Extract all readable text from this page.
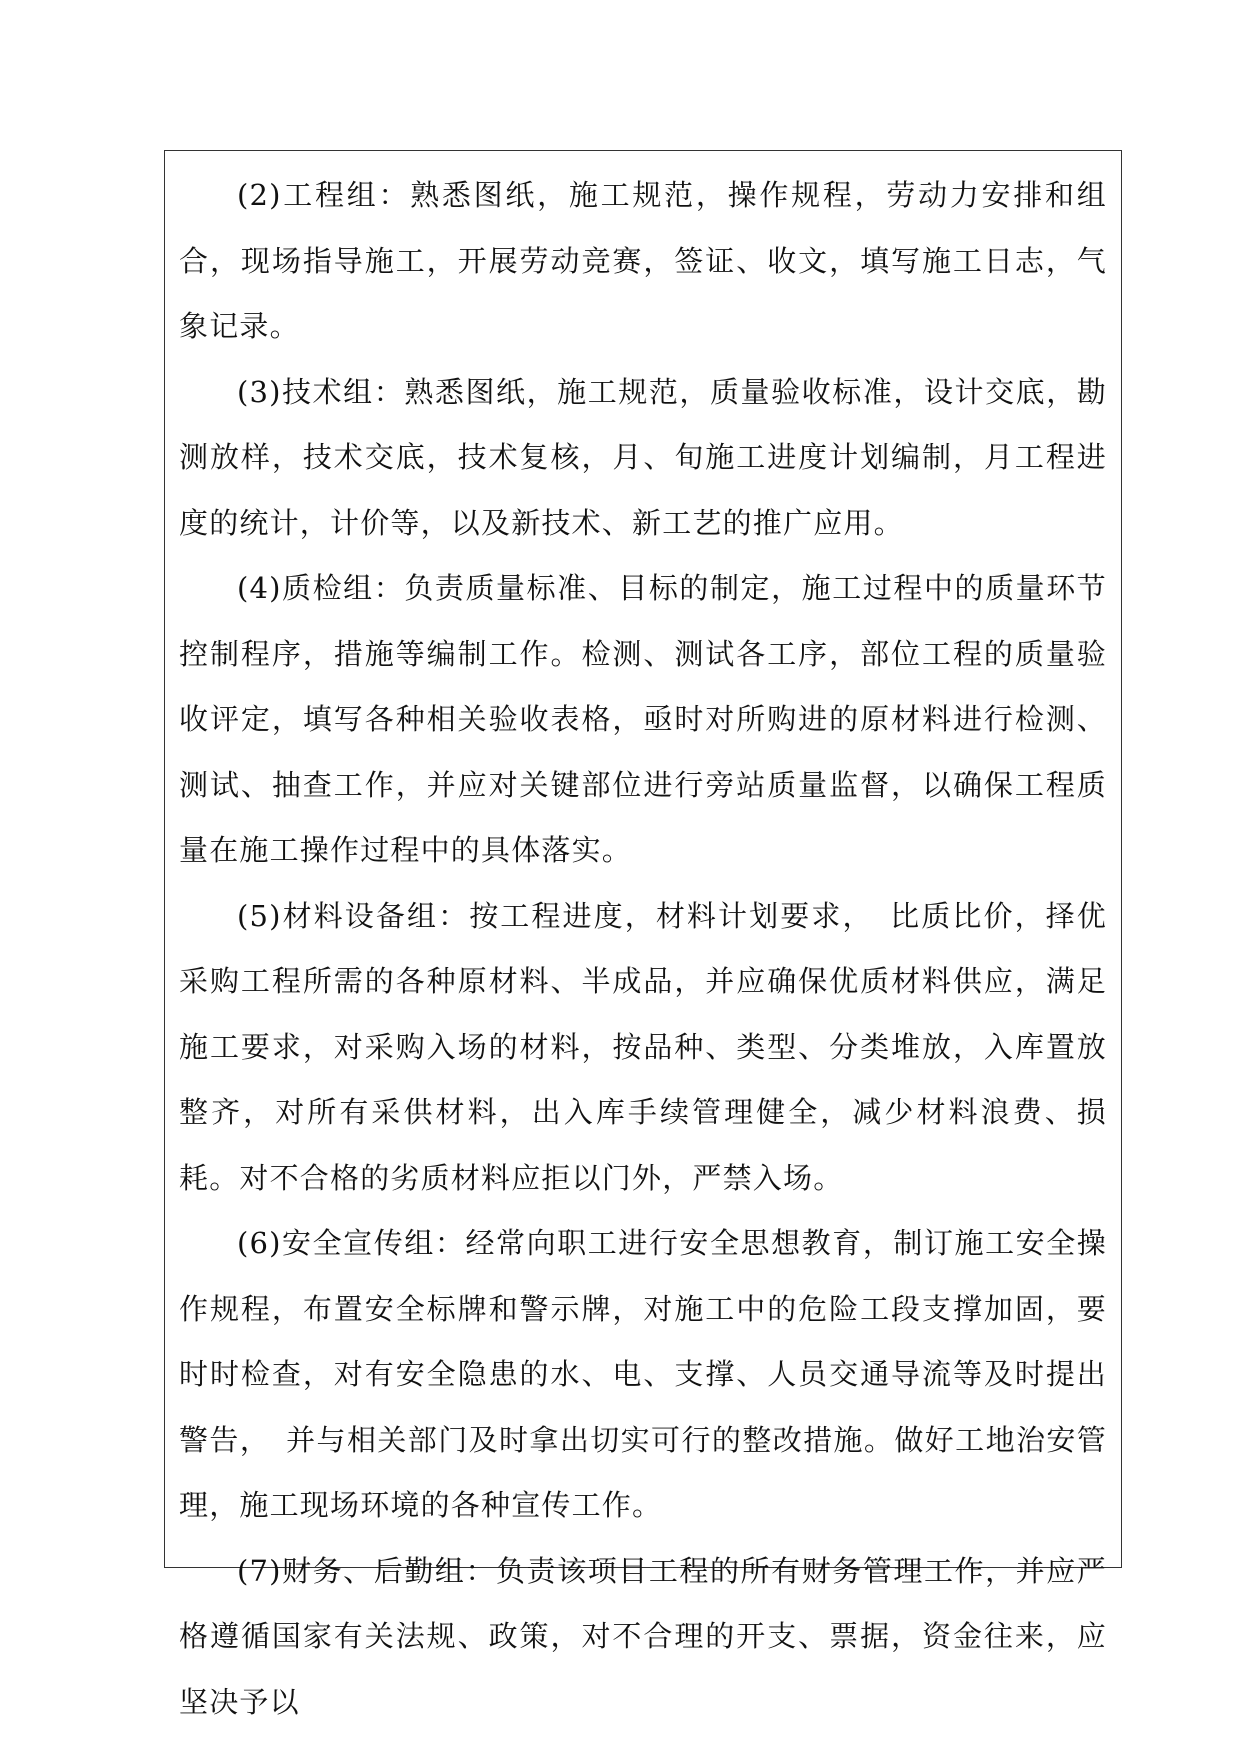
(2)工程组：熟悉图纸，施工规范，操作规程，劳动力安排和组合，现场指导施工，开展劳动竞赛，签证、收文，填写施工日志，气象记录。

(3)技术组：熟悉图纸，施工规范，质量验收标准，设计交底，勘测放样，技术交底，技术复核，月、旬施工进度计划编制，月工程进度的统计，计价等，以及新技术、新工艺的推广应用。

(4)质检组：负责质量标准、目标的制定，施工过程中的质量环节控制程序，措施等编制工作。检测、测试各工序，部位工程的质量验收评定，填写各种相关验收表格，亟时对所购进的原材料进行检测、测试、抽查工作，并应对关键部位进行旁站质量监督，以确保工程质量在施工操作过程中的具体落实。

(5)材料设备组：按工程进度，材料计划要求，　比质比价，择优采购工程所需的各种原材料、半成品，并应确保优质材料供应，满足施工要求，对采购入场的材料，按品种、类型、分类堆放，入库置放整齐，对所有采供材料，出入库手续管理健全，减少材料浪费、损耗。对不合格的劣质材料应拒以门外，严禁入场。

(6)安全宣传组：经常向职工进行安全思想教育，制订施工安全操作规程，布置安全标牌和警示牌，对施工中的危险工段支撑加固，要时时检查，对有安全隐患的水、电、支撑、人员交通导流等及时提出警告，　并与相关部门及时拿出切实可行的整改措施。做好工地治安管理，施工现场环境的各种宣传工作。

(7)财务、后勤组：负责该项目工程的所有财务管理工作，并应严格遵循国家有关法规、政策，对不合理的开支、票据，资金往来，应坚决予以
